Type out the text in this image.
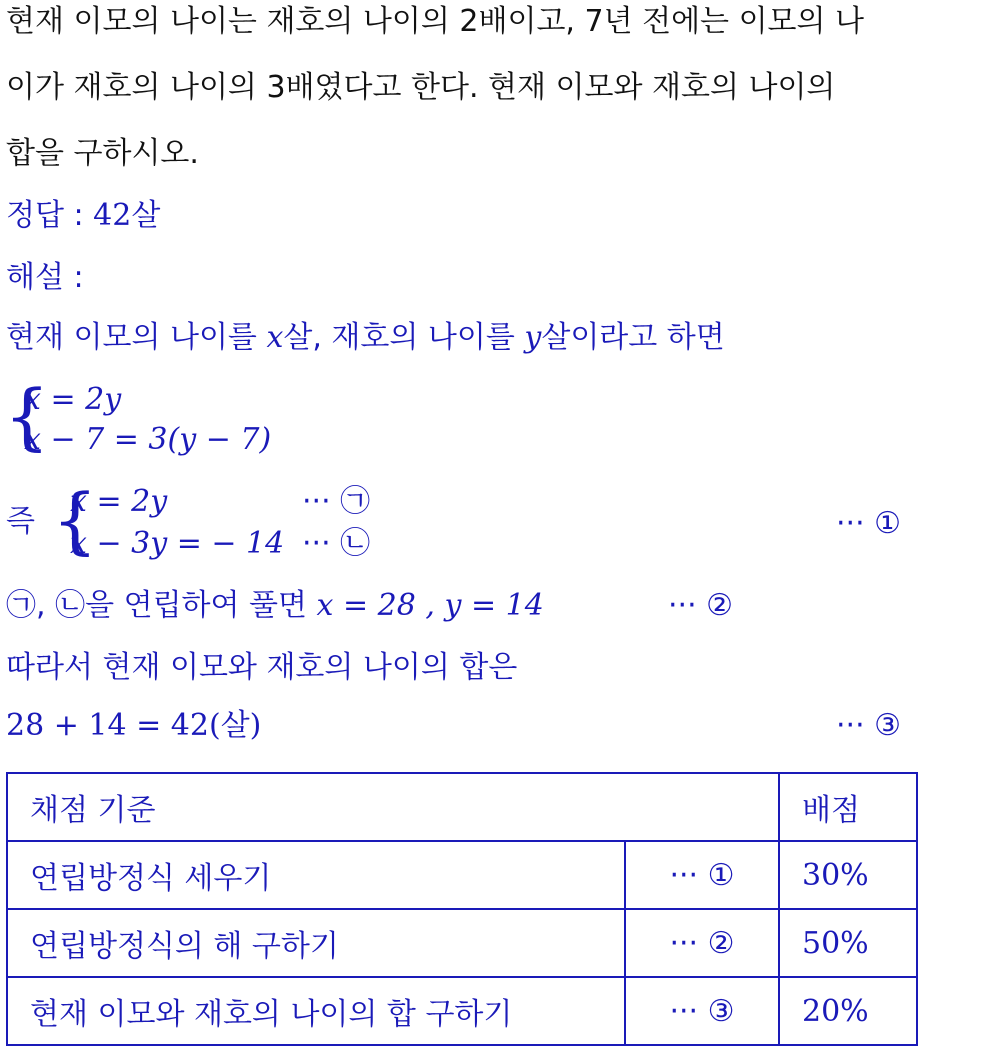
현재 이모의 나이는 재호의 나이의 2배이고, 7년 전에는 이모의 나
이가 재호의 나이의 3배였다고 한다. 현재 이모와 재호의 나이의
합을 구하시오.
정답 : 42살
해설 :
현재 이모의 나이를 x살, 재호의 나이를 y살이라고 하면
{
x = 2y
x − 7 = 3(y − 7)
즉 {
x = 2y
x − 3y = − 14
··· ㉠
··· ㉡
··· ①
㉠, ㉡을 연립하여 풀면 x = 28 , y = 14	··· ②
따라서 현재 이모와 재호의 나이의 합은
28 + 14 = 42(살)	··· ③
채점 기준		배점
연립방정식 세우기	··· ①	30%
연립방정식의 해 구하기	··· ②	50%
현재 이모와 재호의 나이의 합 구하기	··· ③	20%
